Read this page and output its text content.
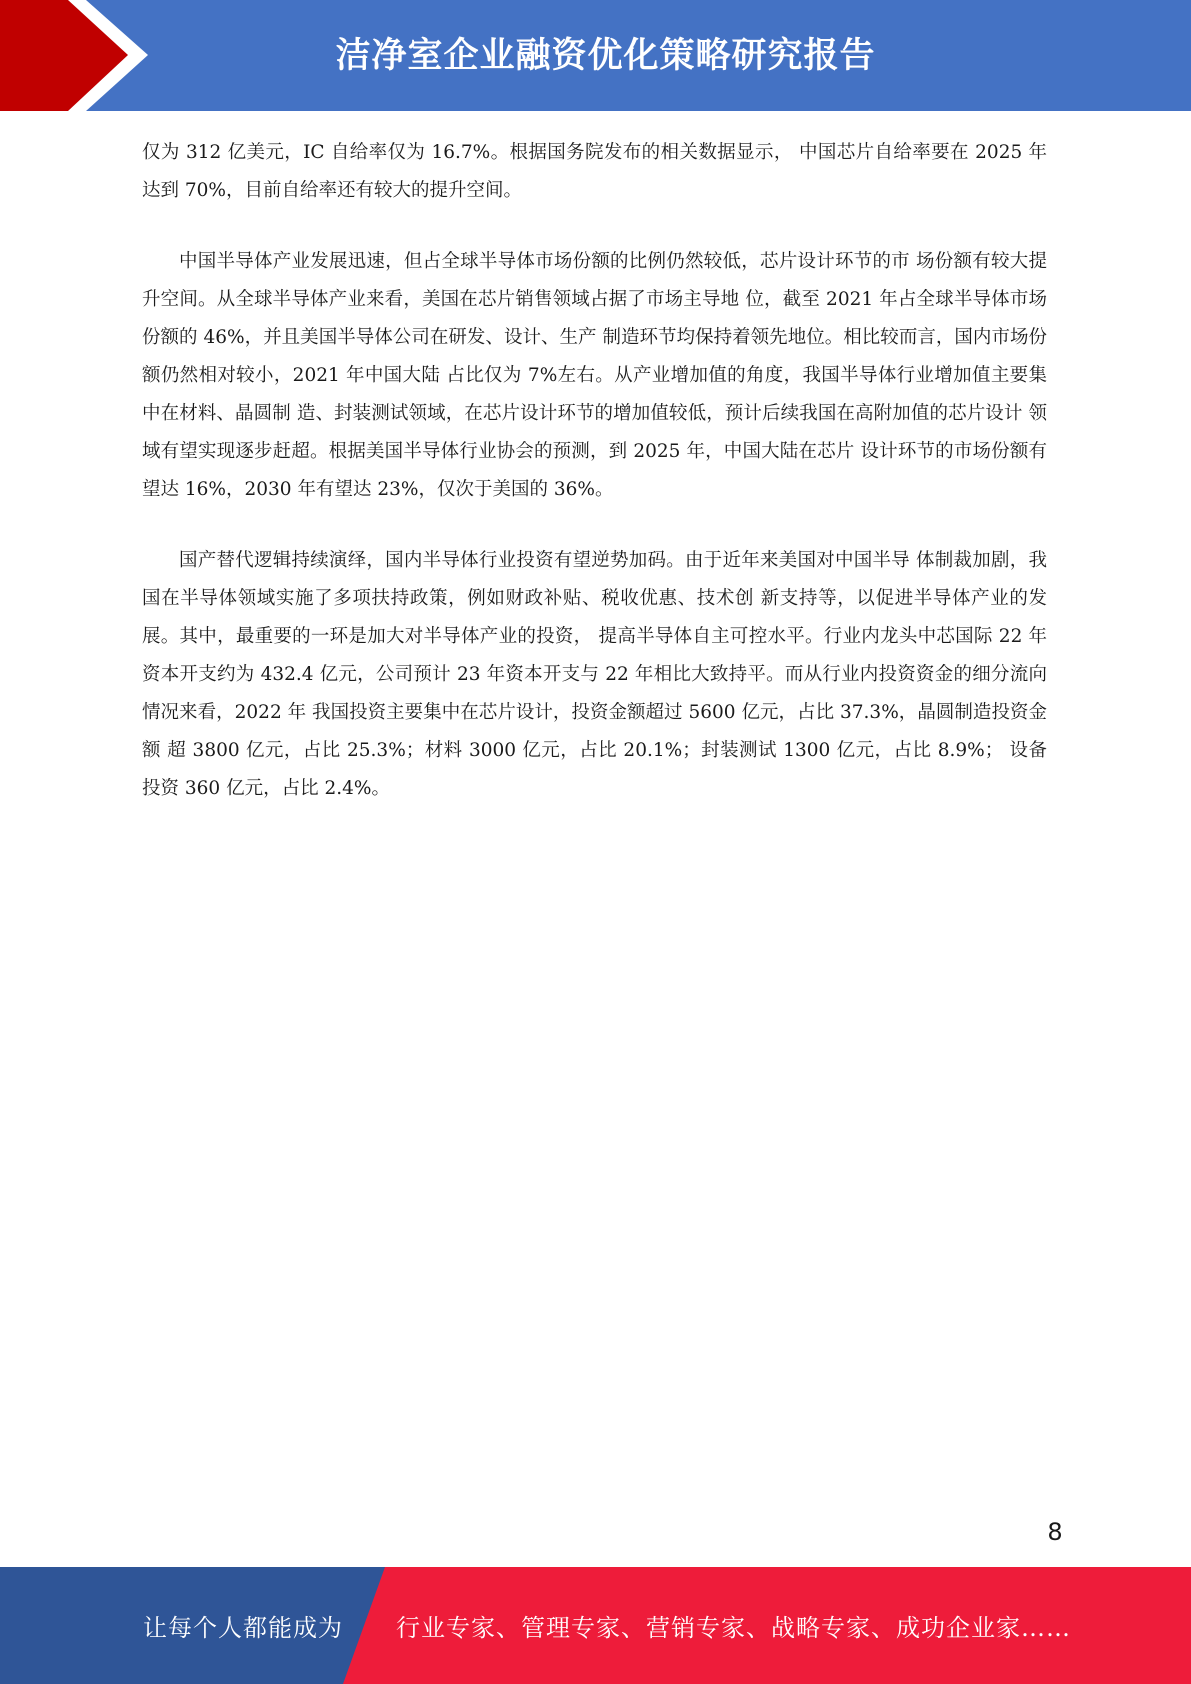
洁净室企业融资优化策略研究报告

仅为 312 亿美元，IC 自给率仅为 16.7%。根据国务院发布的相关数据显示， 中国芯片自给率要在 2025 年达到 70%，目前自给率还有较大的提升空间。

中国半导体产业发展迅速，但占全球半导体市场份额的比例仍然较低，芯片设计环节的市 场份额有较大提升空间。从全球半导体产业来看，美国在芯片销售领域占据了市场主导地 位，截至 2021 年占全球半导体市场份额的 46%，并且美国半导体公司在研发、设计、生产 制造环节均保持着领先地位。相比较而言，国内市场份额仍然相对较小，2021 年中国大陆 占比仅为 7%左右。从产业增加值的角度，我国半导体行业增加值主要集中在材料、晶圆制 造、封装测试领域，在芯片设计环节的增加值较低，预计后续我国在高附加值的芯片设计 领域有望实现逐步赶超。根据美国半导体行业协会的预测，到 2025 年，中国大陆在芯片 设计环节的市场份额有望达 16%，2030 年有望达 23%，仅次于美国的 36%。

国产替代逻辑持续演绎，国内半导体行业投资有望逆势加码。由于近年来美国对中国半导 体制裁加剧，我国在半导体领域实施了多项扶持政策，例如财政补贴、税收优惠、技术创 新支持等，以促进半导体产业的发展。其中，最重要的一环是加大对半导体产业的投资， 提高半导体自主可控水平。行业内龙头中芯国际 22 年资本开支约为 432.4 亿元，公司预计 23 年资本开支与 22 年相比大致持平。而从行业内投资资金的细分流向情况来看，2022 年 我国投资主要集中在芯片设计，投资金额超过 5600 亿元，占比 37.3%，晶圆制造投资金额 超 3800 亿元，占比 25.3%；材料 3000 亿元，占比 20.1%；封装测试 1300 亿元，占比 8.9%； 设备投资 360 亿元，占比 2.4%。

8
让每个人都能成为 行业专家、管理专家、营销专家、战略专家、成功企业家……
